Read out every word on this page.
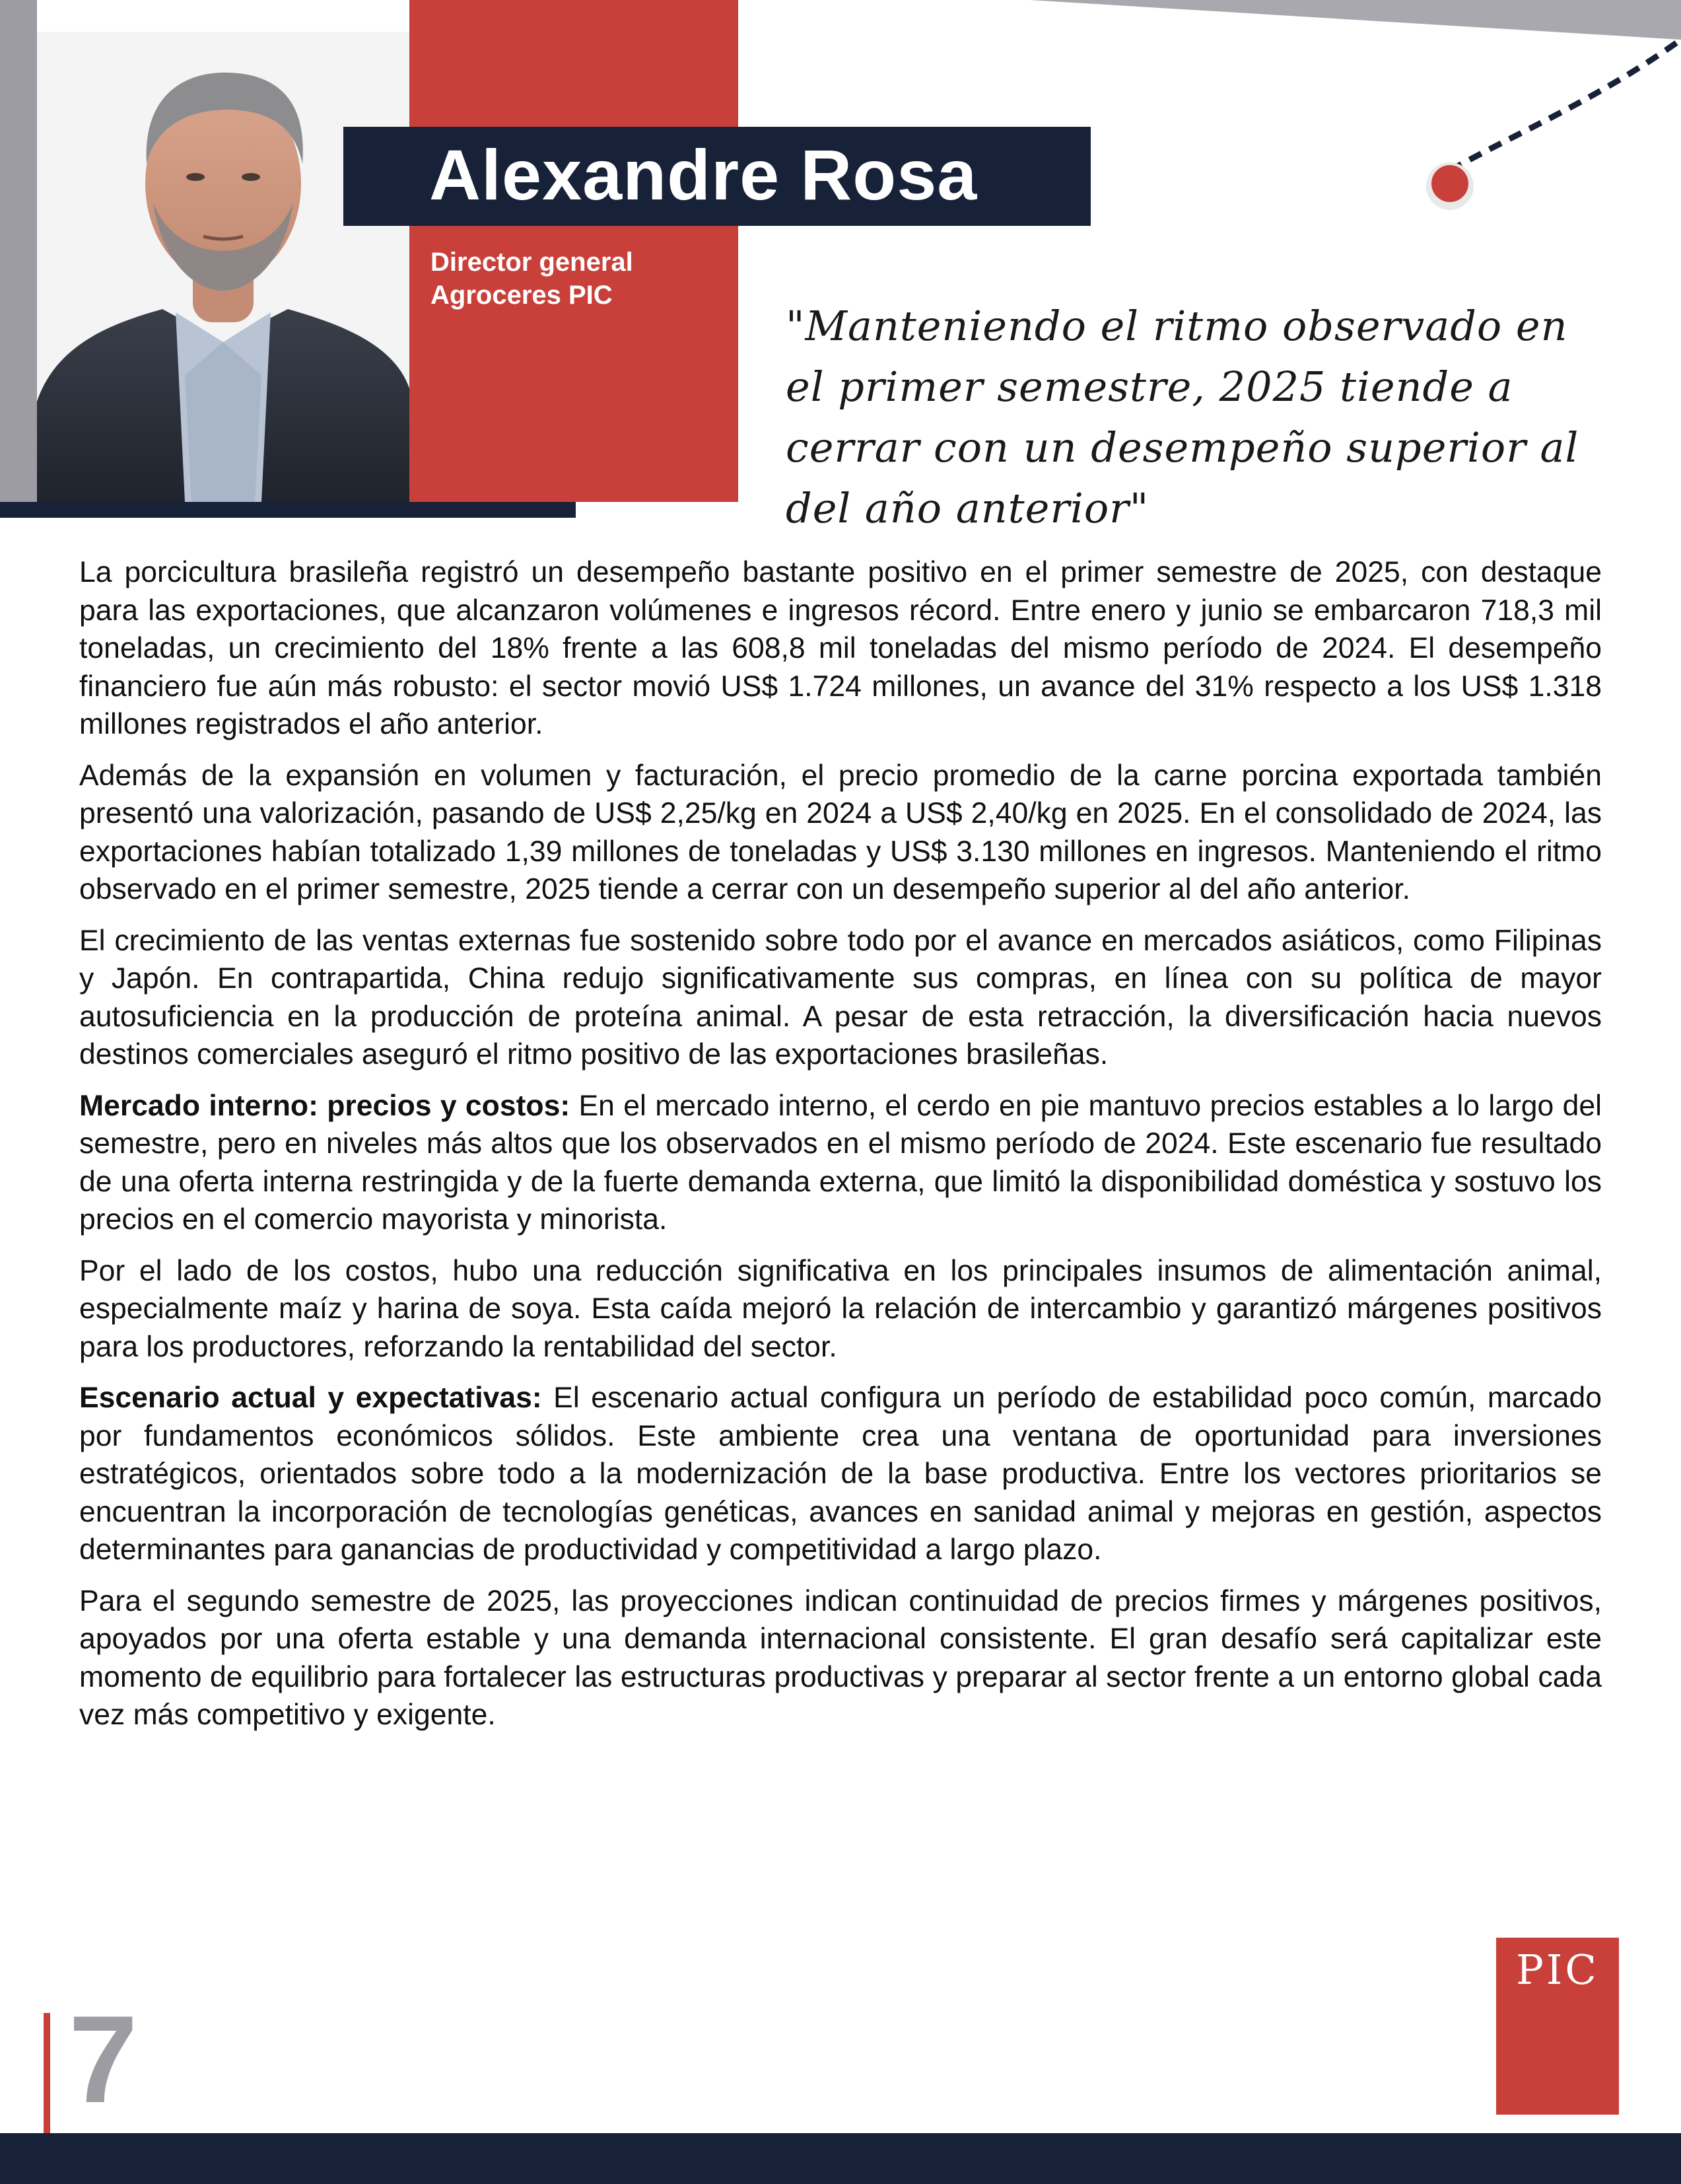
Alexandre Rosa
Director general
Agroceres PIC
"Manteniendo el ritmo observado en
el primer semestre, 2025 tiende a
cerrar con un desempeño superior al
del año anterior"

La porcicultura brasileña registró un desempeño bastante positivo en el primer semestre de 2025, con destaque para las exportaciones, que alcanzaron volúmenes e ingresos récord. Entre enero y junio se embarcaron 718,3 mil toneladas, un crecimiento del 18% frente a las 608,8 mil toneladas del mismo período de 2024. El desempeño financiero fue aún más robusto: el sector movió US$ 1.724 millones, un avance del 31% respecto a los US$ 1.318 millones registrados el año anterior.

Además de la expansión en volumen y facturación, el precio promedio de la carne porcina exportada también presentó una valorización, pasando de US$ 2,25/kg en 2024 a US$ 2,40/kg en 2025. En el consolidado de 2024, las exportaciones habían totalizado 1,39 millones de toneladas y US$ 3.130 millones en ingresos. Manteniendo el ritmo observado en el primer semestre, 2025 tiende a cerrar con un desempeño superior al del año anterior.

El crecimiento de las ventas externas fue sostenido sobre todo por el avance en mercados asiáticos, como Filipinas y Japón. En contrapartida, China redujo significativamente sus compras, en línea con su política de mayor autosuficiencia en la producción de proteína animal. A pesar de esta retracción, la diversificación hacia nuevos destinos comerciales aseguró el ritmo positivo de las exportaciones brasileñas.

Mercado interno: precios y costos: En el mercado interno, el cerdo en pie mantuvo precios estables a lo largo del semestre, pero en niveles más altos que los observados en el mismo período de 2024. Este escenario fue resultado de una oferta interna restringida y de la fuerte demanda externa, que limitó la disponibilidad doméstica y sostuvo los precios en el comercio mayorista y minorista.

Por el lado de los costos, hubo una reducción significativa en los principales insumos de alimentación animal, especialmente maíz y harina de soya. Esta caída mejoró la relación de intercambio y garantizó márgenes positivos para los productores, reforzando la rentabilidad del sector.

Escenario actual y expectativas: El escenario actual configura un período de estabilidad poco común, marcado por fundamentos económicos sólidos. Este ambiente crea una ventana de oportunidad para inversiones estratégicos, orientados sobre todo a la modernización de la base productiva. Entre los vectores prioritarios se encuentran la incorporación de tecnologías genéticas, avances en sanidad animal y mejoras en gestión, aspectos determinantes para ganancias de productividad y competitividad a largo plazo.

Para el segundo semestre de 2025, las proyecciones indican continuidad de precios firmes y márgenes positivos, apoyados por una oferta estable y una demanda internacional consistente. El gran desafío será capitalizar este momento de equilibrio para fortalecer las estructuras productivas y preparar al sector frente a un entorno global cada vez más competitivo y exigente.

PIC
7
